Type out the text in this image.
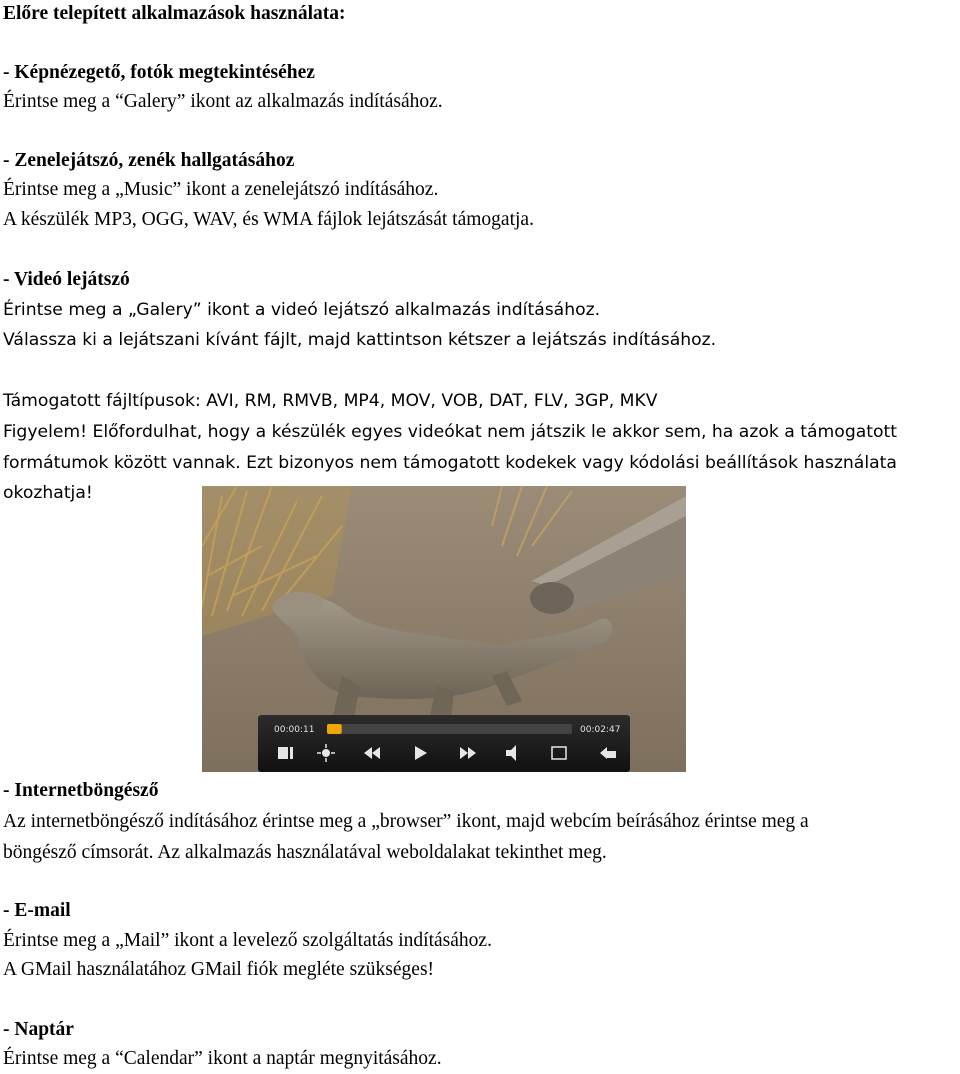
Előre telepített alkalmazások használata:
- Képnézegető, fotók megtekintéséhez
Érintse meg a “Galery” ikont az alkalmazás indításához.
- Zenelejátszó, zenék hallgatásához
Érintse meg a „Music” ikont a zenelejátszó indításához.
A készülék MP3, OGG, WAV, és WMA fájlok lejátszását támogatja.
- Videó lejátszó
Érintse meg a „Galery” ikont a videó lejátszó alkalmazás indításához.
Válassza ki a lejátszani kívánt fájlt, majd kattintson kétszer a lejátszás indításához.
Támogatott fájltípusok: AVI, RM, RMVB, MP4, MOV, VOB, DAT, FLV, 3GP, MKV
Figyelem! Előfordulhat, hogy a készülék egyes videókat nem játszik le akkor sem, ha azok a támogatott
formátumok között vannak. Ezt bizonyos nem támogatott kodekek vagy kódolási beállítások használata
okozhatja!
00:00:11	00:02:47
- Internetböngésző
Az internetböngésző indításához érintse meg a „browser” ikont, majd webcím beírásához érintse meg a
böngésző címsorát. Az alkalmazás használatával weboldalakat tekinthet meg.
- E-mail
Érintse meg a „Mail” ikont a levelező szolgáltatás indításához.
A GMail használatához GMail fiók megléte szükséges!
- Naptár
Érintse meg a “Calendar” ikont a naptár megnyitásához.
